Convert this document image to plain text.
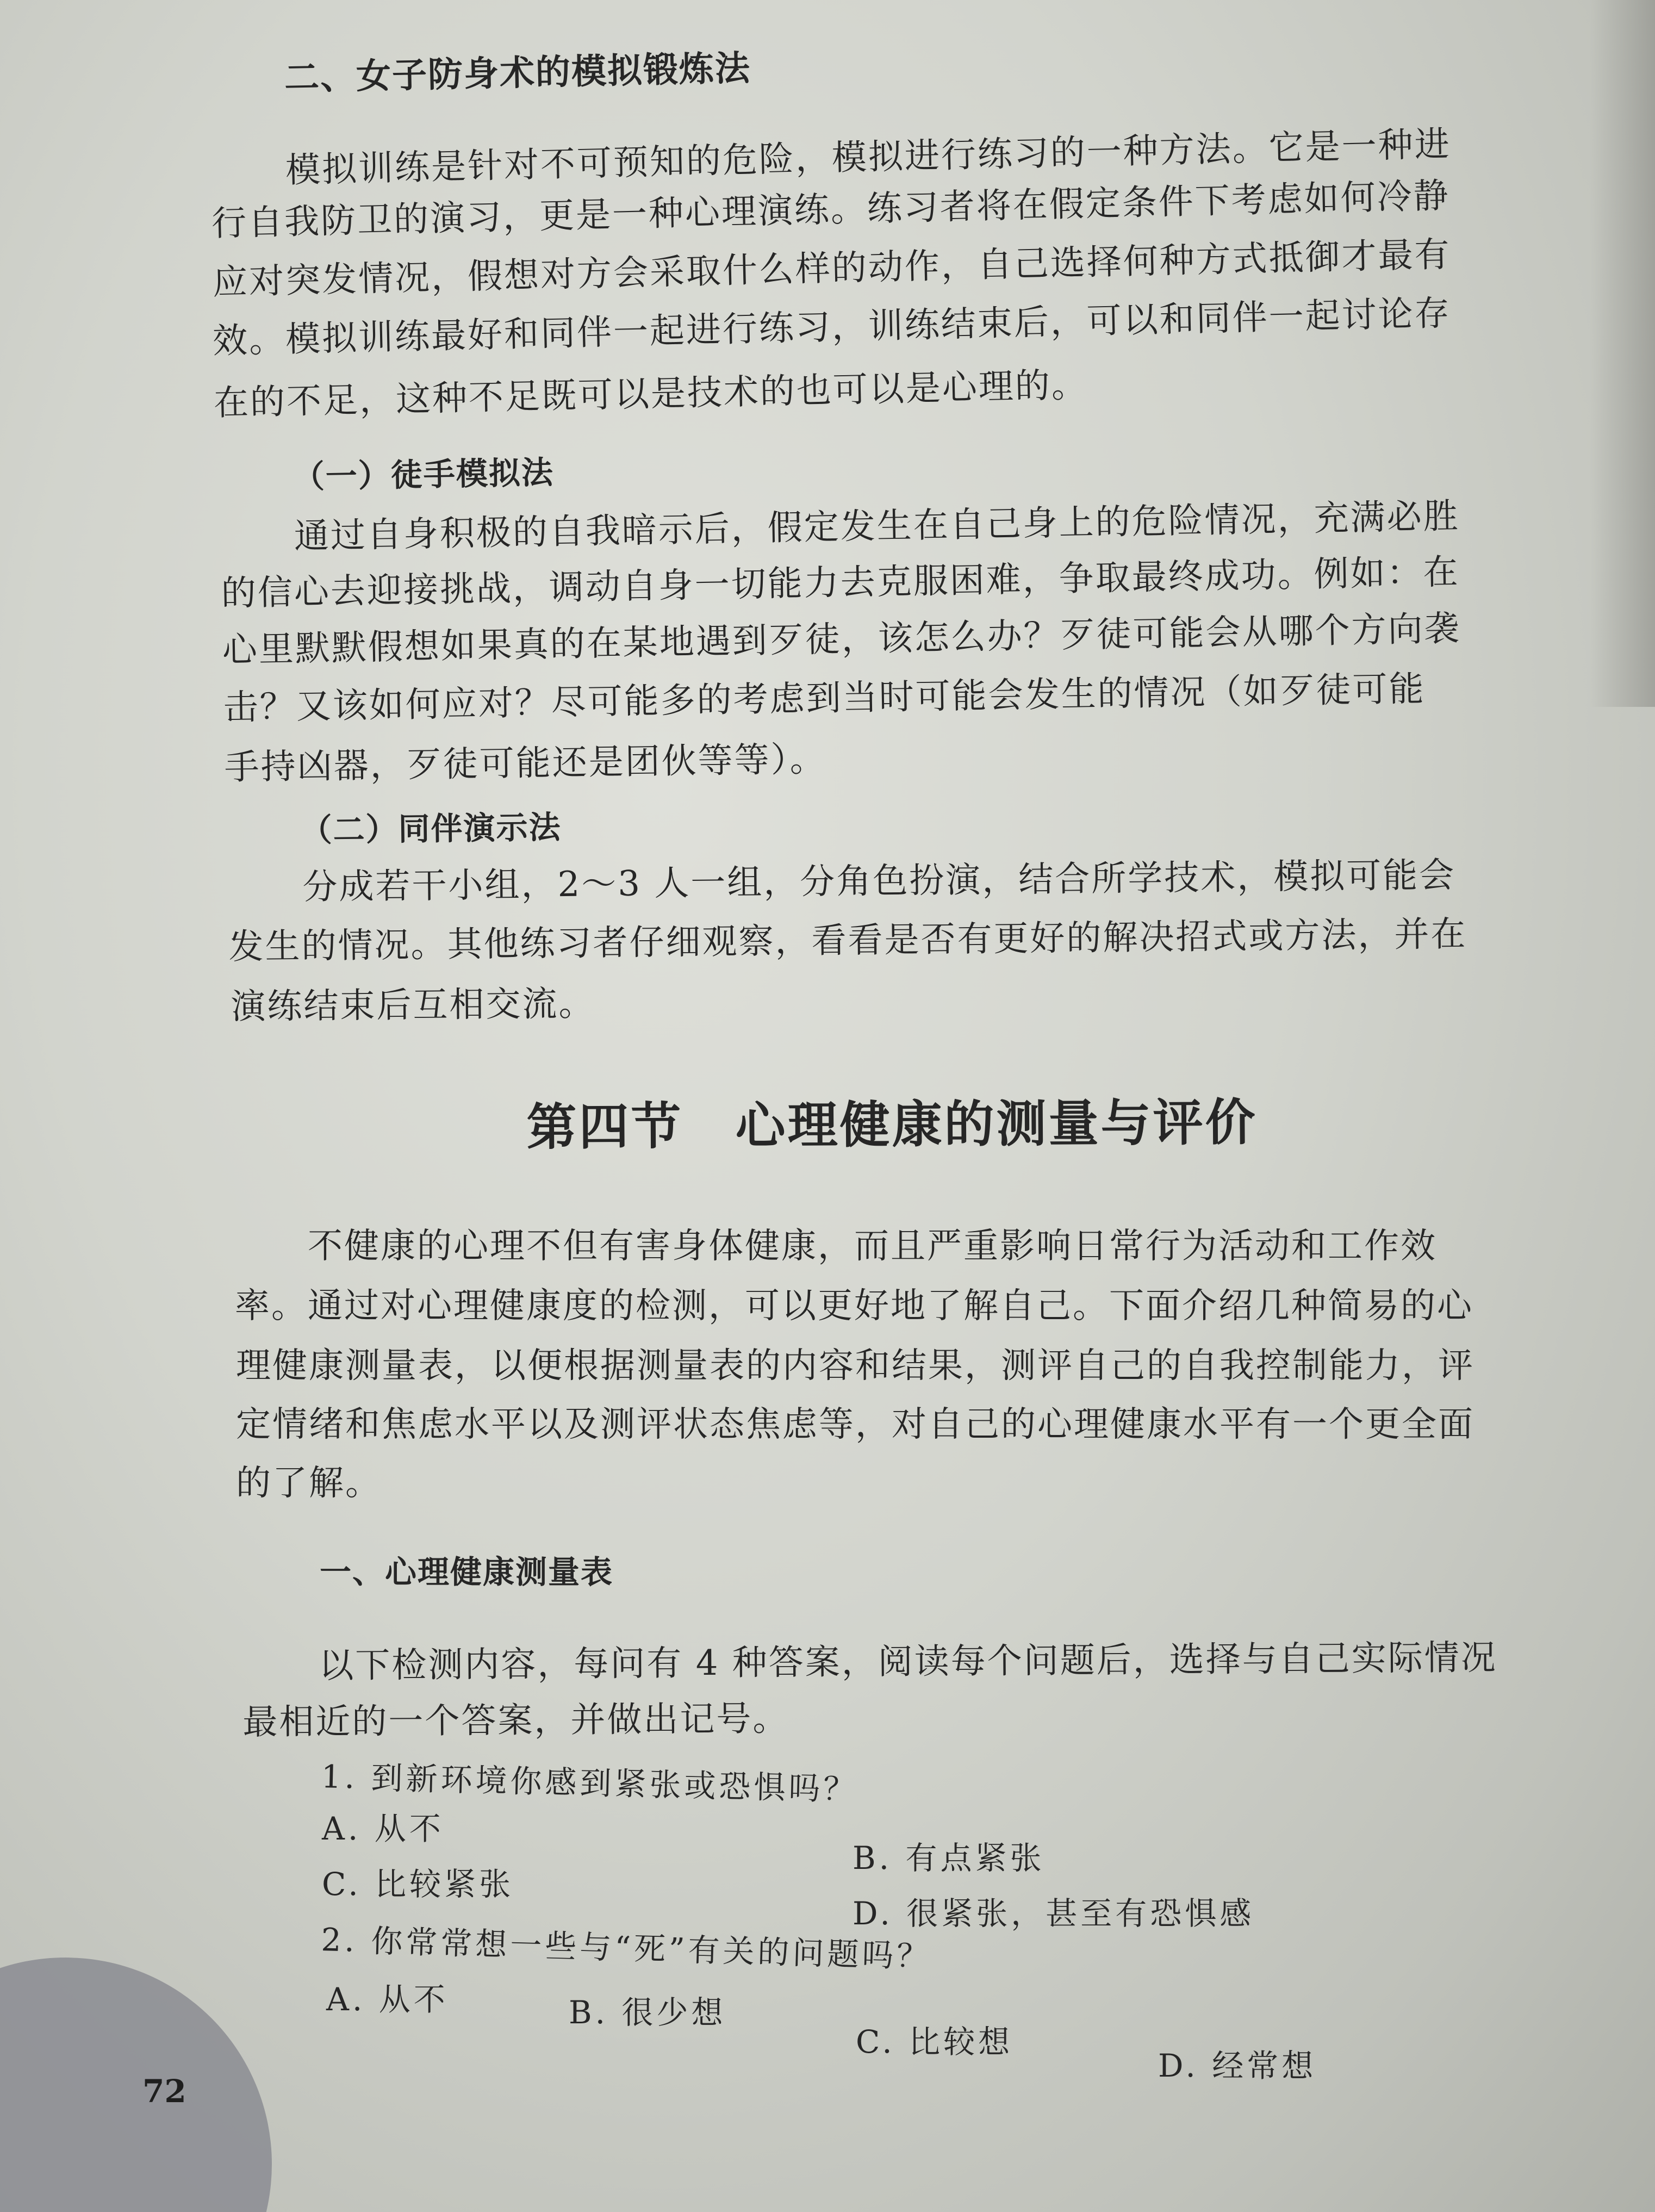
二、女子防身术的模拟锻炼法
模拟训练是针对不可预知的危险，模拟进行练习的一种方法。它是一种进
行自我防卫的演习，更是一种心理演练。练习者将在假定条件下考虑如何冷静
应对突发情况，假想对方会采取什么样的动作，自己选择何种方式抵御才最有
效。模拟训练最好和同伴一起进行练习，训练结束后，可以和同伴一起讨论存
在的不足，这种不足既可以是技术的也可以是心理的。
（一）徒手模拟法
通过自身积极的自我暗示后，假定发生在自己身上的危险情况，充满必胜
的信心去迎接挑战，调动自身一切能力去克服困难，争取最终成功。例如：在
心里默默假想如果真的在某地遇到歹徒，该怎么办？歹徒可能会从哪个方向袭
击？又该如何应对？尽可能多的考虑到当时可能会发生的情况（如歹徒可能
手持凶器，歹徒可能还是团伙等等）。
（二）同伴演示法
分成若干小组，2～3 人一组，分角色扮演，结合所学技术，模拟可能会
发生的情况。其他练习者仔细观察，看看是否有更好的解决招式或方法，并在
演练结束后互相交流。
第四节　心理健康的测量与评价
不健康的心理不但有害身体健康，而且严重影响日常行为活动和工作效
率。通过对心理健康度的检测，可以更好地了解自己。下面介绍几种简易的心
理健康测量表，以便根据测量表的内容和结果，测评自己的自我控制能力，评
定情绪和焦虑水平以及测评状态焦虑等，对自己的心理健康水平有一个更全面
的了解。
一、心理健康测量表
以下检测内容，每问有 4 种答案，阅读每个问题后，选择与自己实际情况
最相近的一个答案，并做出记号。
1. 到新环境你感到紧张或恐惧吗？
A. 从不
B. 有点紧张
C. 比较紧张
D. 很紧张，甚至有恐惧感
2. 你常常想一些与“死”有关的问题吗？
A. 从不	B. 很少想
C. 比较想
D. 经常想
72
